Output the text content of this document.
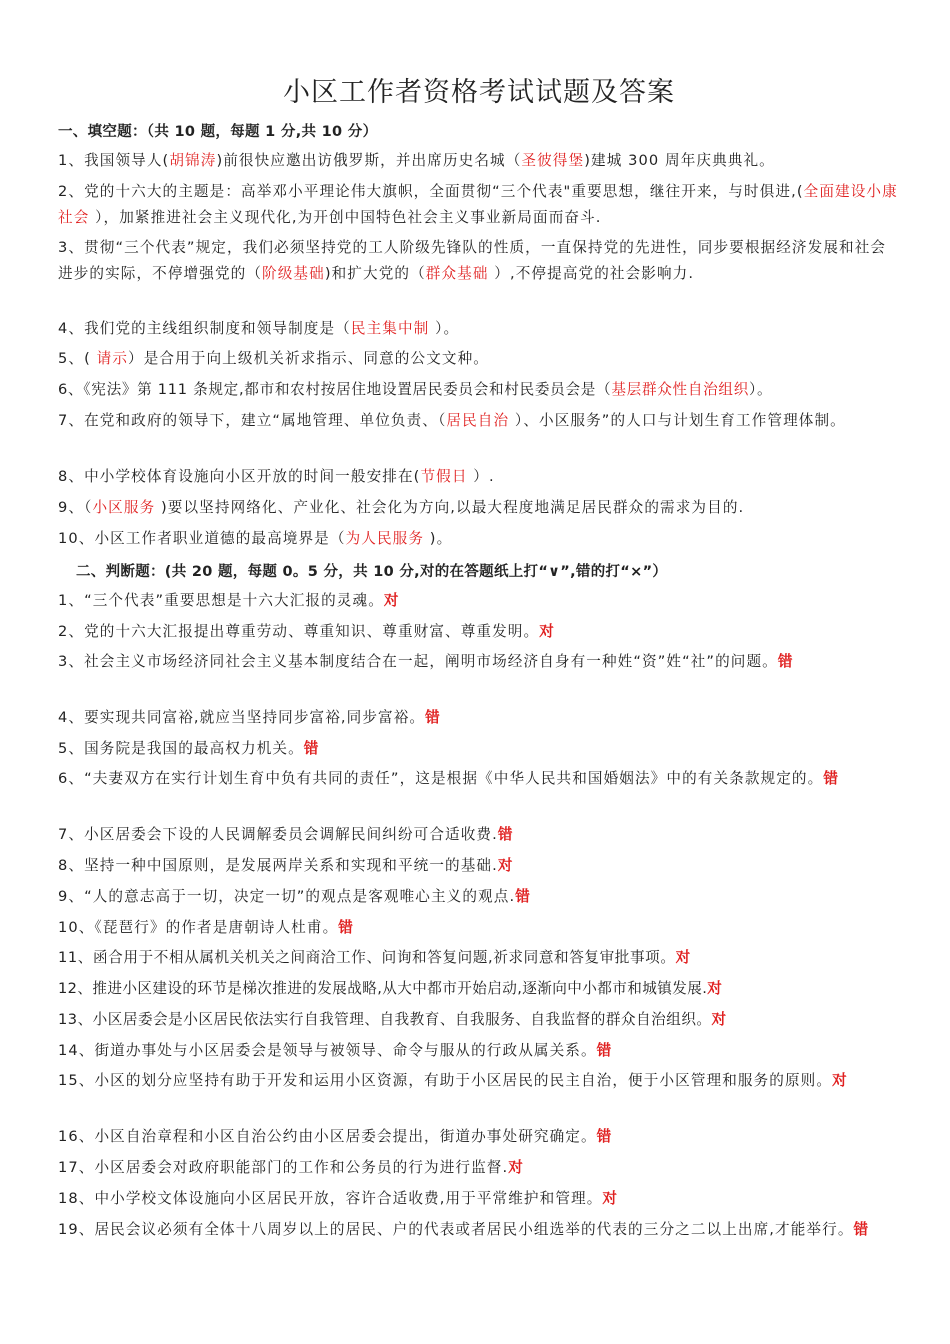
小区工作者资格考试试题及答案
一、填空题：（共 10 题，每题 1 分,共 10 分）

1、我国领导人(胡锦涛)前很快应邀出访俄罗斯，并出席历史名城（圣彼得堡)建城 300 周年庆典典礼。

2、党的十六大的主题是：高举邓小平理论伟大旗帜，全面贯彻“三个代表"重要思想，继往开来，与时俱进,(全面建设小康社会 ），加紧推进社会主义现代化,为开创中国特色社会主义事业新局面而奋斗.

3、贯彻“三个代表”规定，我们必须坚持党的工人阶级先锋队的性质，一直保持党的先进性，同步要根据经济发展和社会进步的实际，不停增强党的（阶级基础)和扩大党的（群众基础 ）,不停提高党的社会影响力.

4、我们党的主线组织制度和领导制度是（民主集中制 ）。

5、( 请示）是合用于向上级机关祈求指示、同意的公文文种。

6、《宪法》第 111 条规定,都市和农村按居住地设置居民委员会和村民委员会是（基层群众性自治组织）。

7、在党和政府的领导下，建立“属地管理、单位负责、（居民自治 ）、小区服务”的人口与计划生育工作管理体制。

8、中小学校体育设施向小区开放的时间一般安排在(节假日 ）.

9、（小区服务 )要以坚持网络化、产业化、社会化为方向,以最大程度地满足居民群众的需求为目的.

10、小区工作者职业道德的最高境界是（为人民服务 )。

二、判断题：(共 20 题，每题 0。5 分，共 10 分,对的在答题纸上打“∨”,错的打“×”）

1、“三个代表”重要思想是十六大汇报的灵魂。对

2、党的十六大汇报提出尊重劳动、尊重知识、尊重财富、尊重发明。对

3、社会主义市场经济同社会主义基本制度结合在一起，阐明市场经济自身有一种姓“资”姓“社”的问题。错

4、要实现共同富裕,就应当坚持同步富裕,同步富裕。错

5、国务院是我国的最高权力机关。错

6、“夫妻双方在实行计划生育中负有共同的责任”，这是根据《中华人民共和国婚姻法》中的有关条款规定的。错

7、小区居委会下设的人民调解委员会调解民间纠纷可合适收费.错

8、坚持一种中国原则，是发展两岸关系和实现和平统一的基础.对

9、“人的意志高于一切，决定一切”的观点是客观唯心主义的观点.错

10、《琵琶行》的作者是唐朝诗人杜甫。错

11、函合用于不相从属机关机关之间商洽工作、问询和答复问题,祈求同意和答复审批事项。对

12、推进小区建设的环节是梯次推进的发展战略,从大中都市开始启动,逐渐向中小都市和城镇发展.对

13、小区居委会是小区居民依法实行自我管理、自我教育、自我服务、自我监督的群众自治组织。对

14、街道办事处与小区居委会是领导与被领导、命令与服从的行政从属关系。错

15、小区的划分应坚持有助于开发和运用小区资源，有助于小区居民的民主自治，便于小区管理和服务的原则。对

16、小区自治章程和小区自治公约由小区居委会提出，街道办事处研究确定。错

17、小区居委会对政府职能部门的工作和公务员的行为进行监督.对

18、中小学校文体设施向小区居民开放，容许合适收费,用于平常维护和管理。对

19、居民会议必须有全体十八周岁以上的居民、户的代表或者居民小组选举的代表的三分之二以上出席,才能举行。错
